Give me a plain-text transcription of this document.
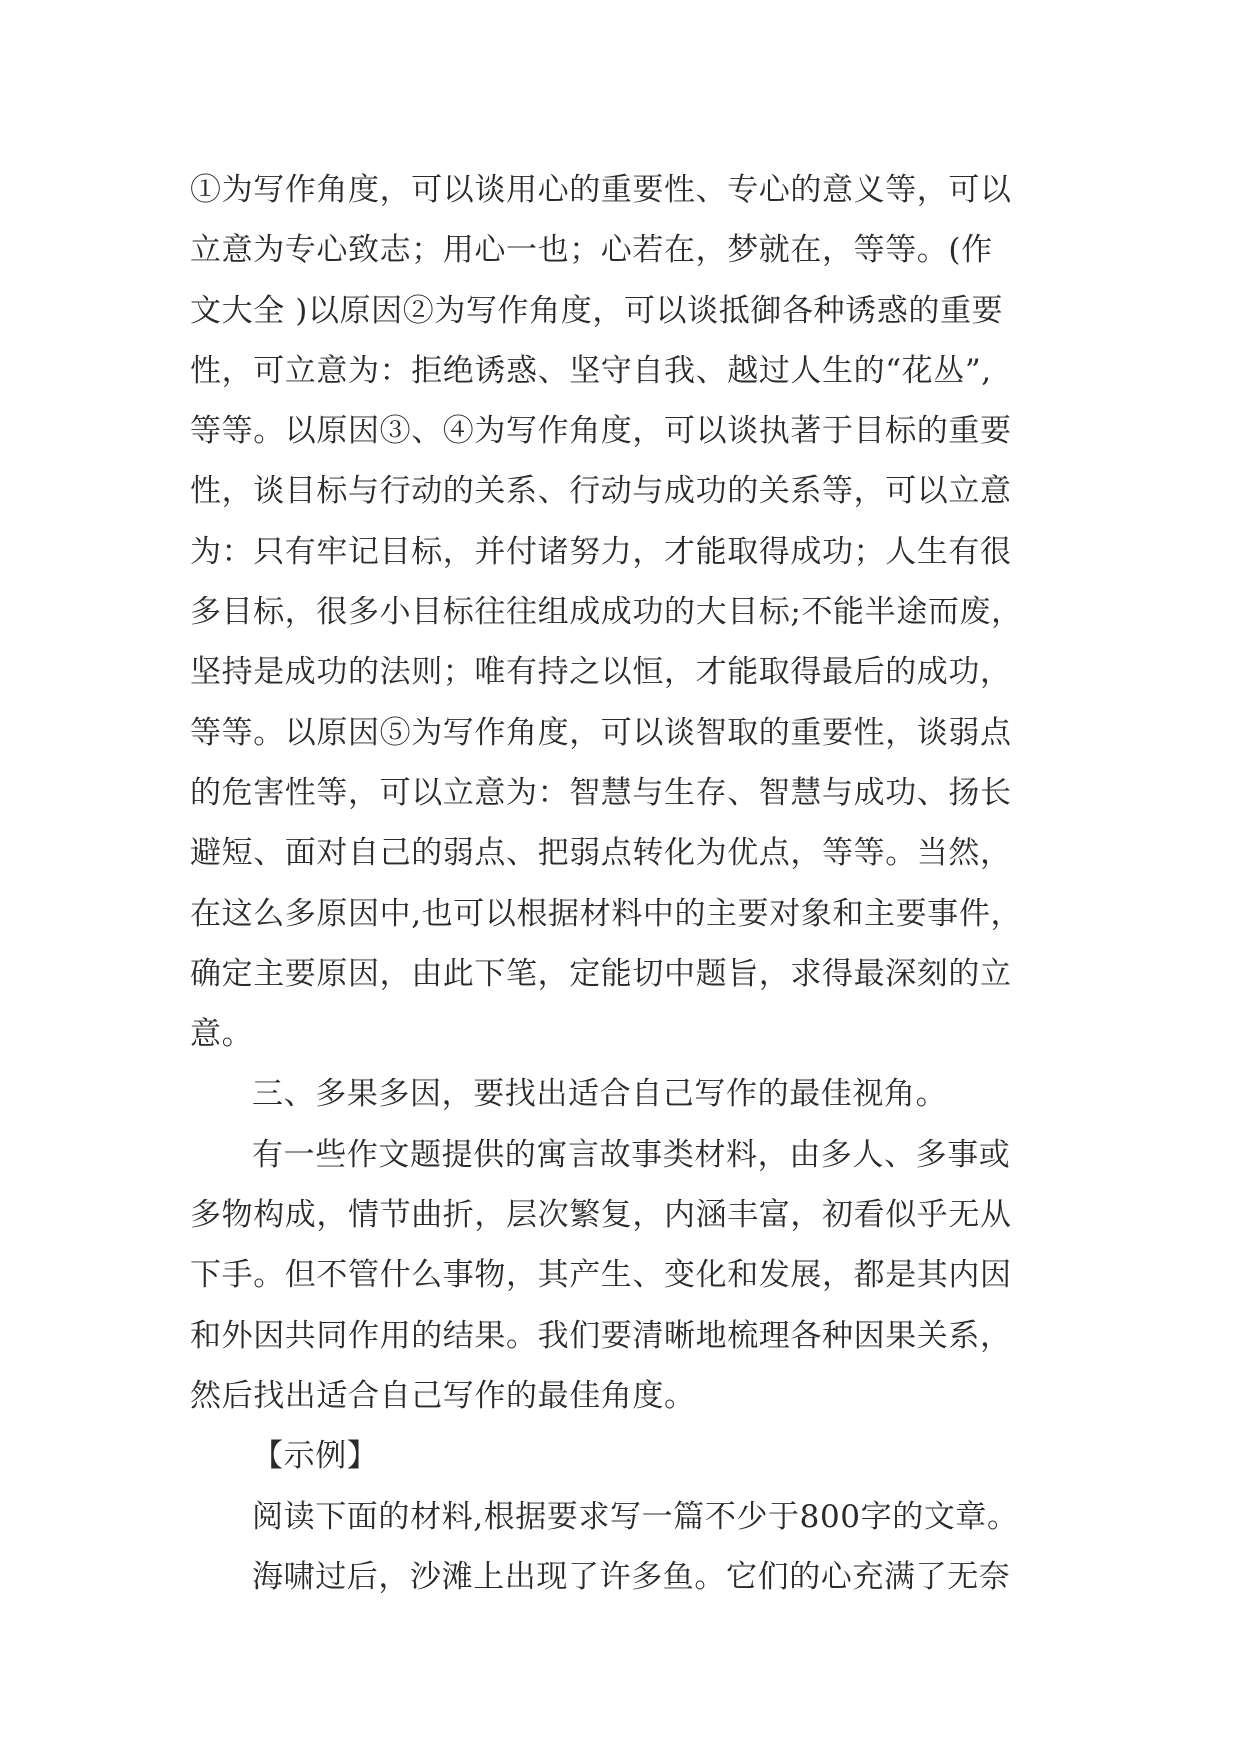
①为写作角度，可以谈用心的重要性、专心的意义等，可以
立意为专心致志；用心一也；心若在，梦就在，等等。(作
文大全 )以原因②为写作角度，可以谈抵御各种诱惑的重要
性，可立意为：拒绝诱惑、坚守自我、越过人生的“花丛”,
等等。以原因③、④为写作角度，可以谈执著于目标的重要
性，谈目标与行动的关系、行动与成功的关系等，可以立意
为：只有牢记目标，并付诸努力，才能取得成功；人生有很
多目标，很多小目标往往组成成功的大目标;不能半途而废，
坚持是成功的法则；唯有持之以恒，才能取得最后的成功，
等等。以原因⑤为写作角度，可以谈智取的重要性，谈弱点
的危害性等，可以立意为：智慧与生存、智慧与成功、扬长
避短、面对自己的弱点、把弱点转化为优点，等等。当然，
在这么多原因中,也可以根据材料中的主要对象和主要事件，
确定主要原因，由此下笔，定能切中题旨，求得最深刻的立
意。
三、多果多因，要找出适合自己写作的最佳视角。
有一些作文题提供的寓言故事类材料，由多人、多事或
多物构成，情节曲折，层次繁复，内涵丰富，初看似乎无从
下手。但不管什么事物，其产生、变化和发展，都是其内因
和外因共同作用的结果。我们要清晰地梳理各种因果关系，
然后找出适合自己写作的最佳角度。
【示例】
阅读下面的材料,根据要求写一篇不少于800字的文章。
海啸过后，沙滩上出现了许多鱼。它们的心充满了无奈
